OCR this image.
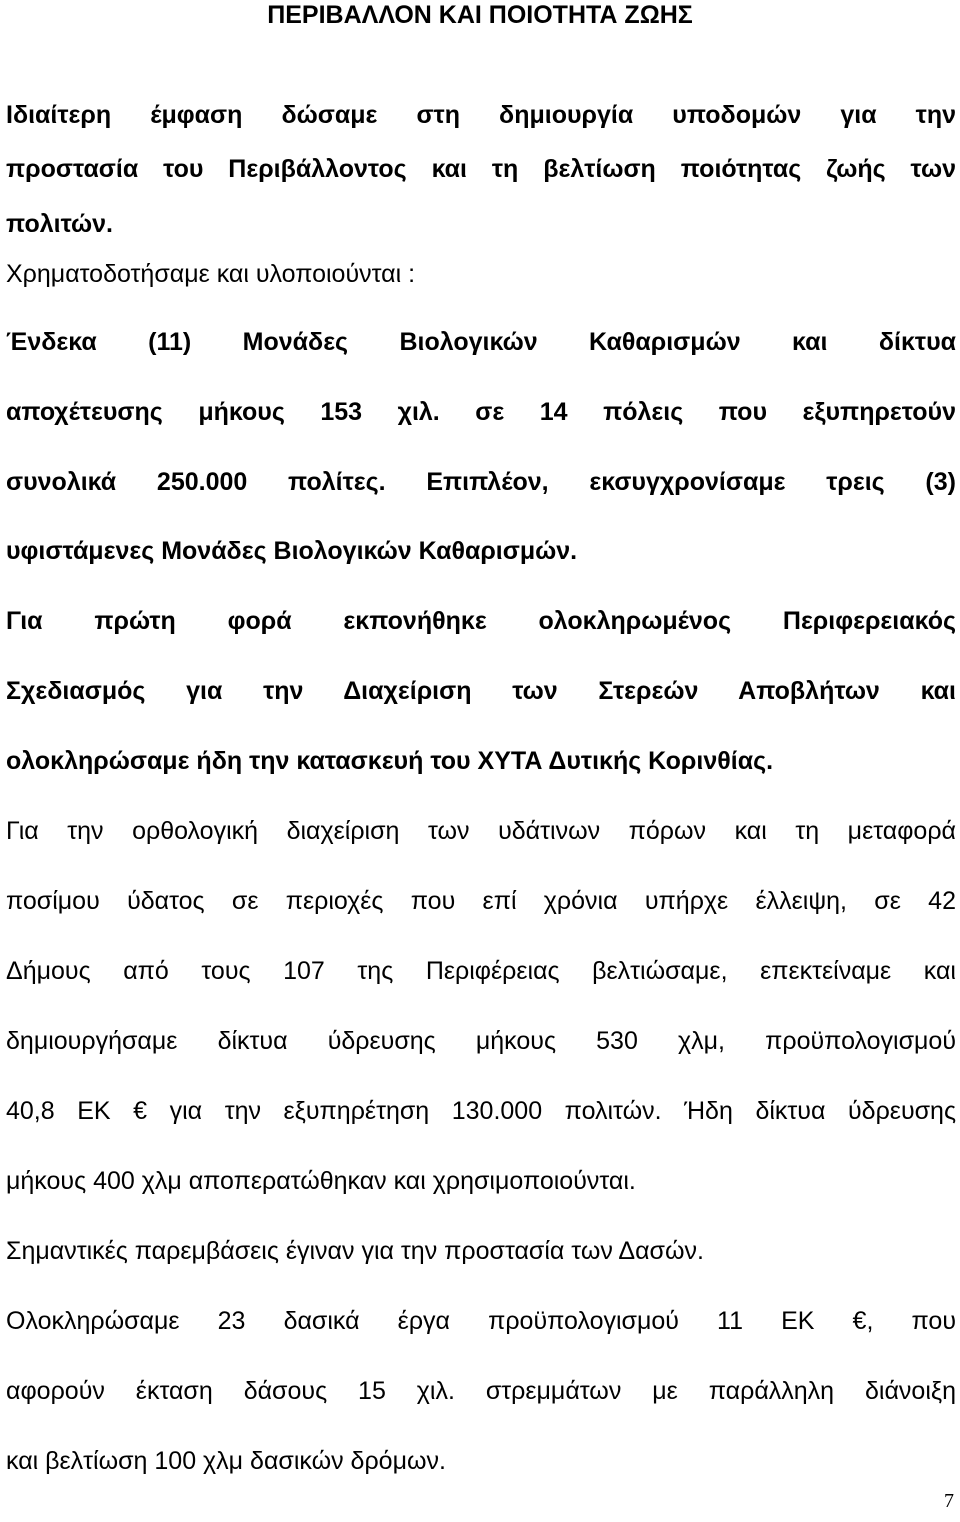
ΠΕΡΙΒΑΛΛΟΝ ΚΑΙ ΠΟΙΟΤΗΤΑ ΖΩΗΣ
Ιδιαίτερη έμφαση δώσαμε στη δημιουργία υποδομών για την
προστασία του Περιβάλλοντος και τη βελτίωση ποιότητας ζωής των
πολιτών.
Χρηματοδοτήσαμε και υλοποιούνται :
Ένδεκα (11) Μονάδες Βιολογικών Καθαρισμών και δίκτυα
αποχέτευσης μήκους 153 χιλ. σε 14 πόλεις που εξυπηρετούν
συνολικά 250.000 πολίτες. Επιπλέον, εκσυγχρονίσαμε τρεις (3)
υφιστάμενες Μονάδες Βιολογικών Καθαρισμών.
Για πρώτη φορά εκπονήθηκε ολοκληρωμένος Περιφερειακός
Σχεδιασμός για την Διαχείριση των Στερεών Αποβλήτων και
ολοκληρώσαμε ήδη την κατασκευή του ΧΥΤΑ Δυτικής Κορινθίας.
Για την ορθολογική διαχείριση των υδάτινων πόρων και τη μεταφορά
ποσίμου ύδατος σε περιοχές που επί χρόνια υπήρχε έλλειψη, σε 42
Δήμους από τους 107 της Περιφέρειας βελτιώσαμε, επεκτείναμε και
δημιουργήσαμε δίκτυα ύδρευσης μήκους 530 χλμ, προϋπολογισμού
40,8 ΕΚ € για την εξυπηρέτηση 130.000 πολιτών. Ήδη δίκτυα ύδρευσης
μήκους 400 χλμ αποπερατώθηκαν και χρησιμοποιούνται.
Σημαντικές παρεμβάσεις έγιναν για την προστασία των Δασών.
Ολοκληρώσαμε 23 δασικά έργα προϋπολογισμού 11 ΕΚ €, που
αφορούν έκταση δάσους 15 χιλ. στρεμμάτων με παράλληλη διάνοιξη
και βελτίωση 100 χλμ δασικών δρόμων.
7
